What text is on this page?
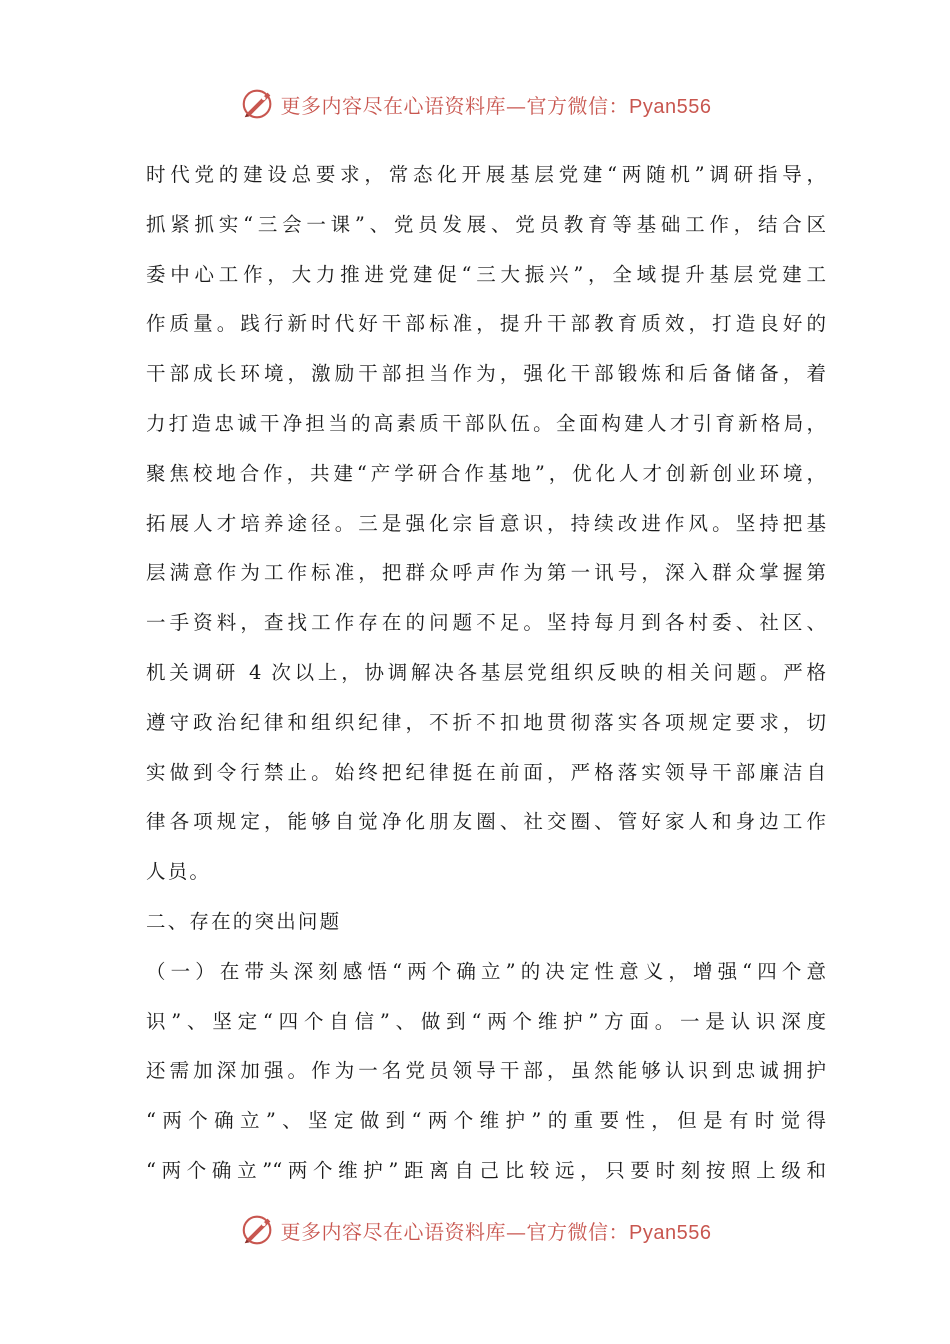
更多内容尽在心语资料库—官方微信：Pyan556
时代党的建设总要求，常态化开展基层党建“两随机”调研指导，
抓紧抓实“三会一课”、党员发展、党员教育等基础工作，结合区
委中心工作，大力推进党建促“三大振兴”，全域提升基层党建工
作质量。践行新时代好干部标准，提升干部教育质效，打造良好的
干部成长环境，激励干部担当作为，强化干部锻炼和后备储备，着
力打造忠诚干净担当的高素质干部队伍。全面构建人才引育新格局，
聚焦校地合作，共建“产学研合作基地”，优化人才创新创业环境，
拓展人才培养途径。三是强化宗旨意识，持续改进作风。坚持把基
层满意作为工作标准，把群众呼声作为第一讯号，深入群众掌握第
一手资料，查找工作存在的问题不足。坚持每月到各村委、社区、
机关调研 4 次以上，协调解决各基层党组织反映的相关问题。严格
遵守政治纪律和组织纪律，不折不扣地贯彻落实各项规定要求，切
实做到令行禁止。始终把纪律挺在前面，严格落实领导干部廉洁自
律各项规定，能够自觉净化朋友圈、社交圈、管好家人和身边工作
人员。
二、存在的突出问题
（一）在带头深刻感悟“两个确立”的决定性意义，增强“四个意
识”、坚定“四个自信”、做到“两个维护”方面。一是认识深度
还需加深加强。作为一名党员领导干部，虽然能够认识到忠诚拥护
“两个确立”、坚定做到“两个维护”的重要性，但是有时觉得
“两个确立”“两个维护”距离自己比较远，只要时刻按照上级和
更多内容尽在心语资料库—官方微信：Pyan556
